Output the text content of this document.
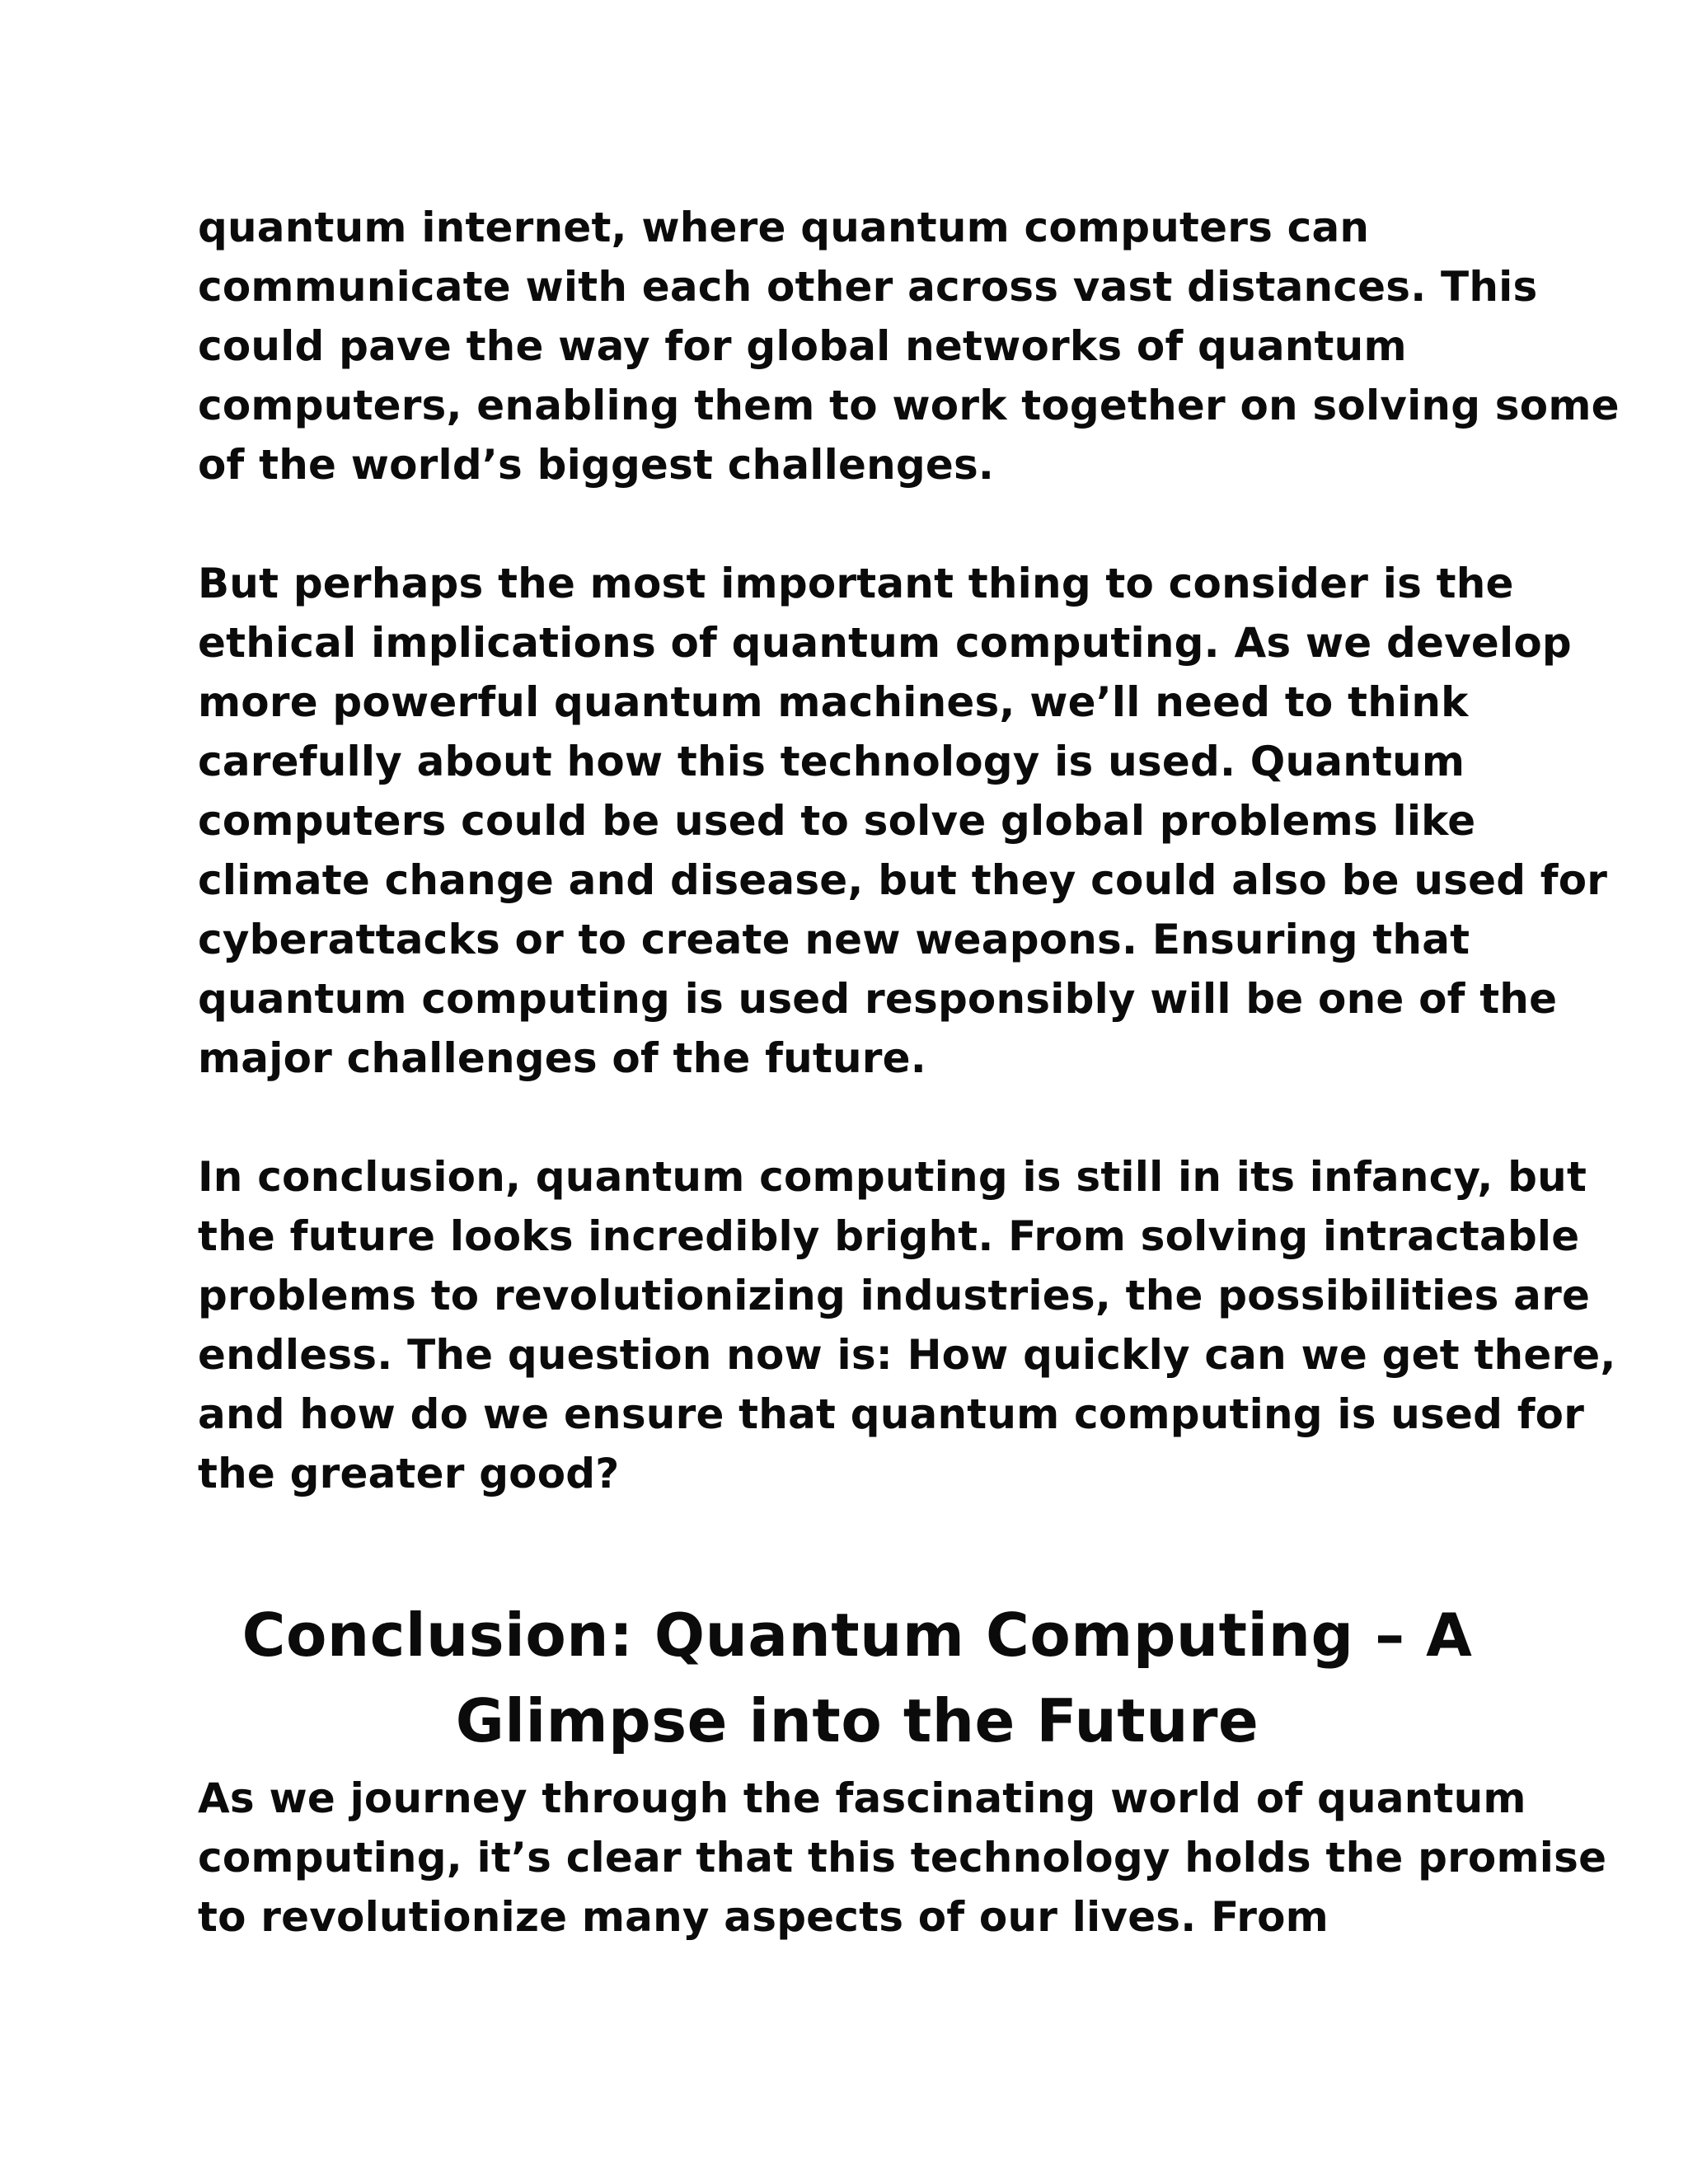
quantum internet, where quantum computers can
communicate with each other across vast distances. This
could pave the way for global networks of quantum
computers, enabling them to work together on solving some
of the world’s biggest challenges.

But perhaps the most important thing to consider is the
ethical implications of quantum computing. As we develop
more powerful quantum machines, we’ll need to think
carefully about how this technology is used. Quantum
computers could be used to solve global problems like
climate change and disease, but they could also be used for
cyberattacks or to create new weapons. Ensuring that
quantum computing is used responsibly will be one of the
major challenges of the future.

In conclusion, quantum computing is still in its infancy, but
the future looks incredibly bright. From solving intractable
problems to revolutionizing industries, the possibilities are
endless. The question now is: How quickly can we get there,
and how do we ensure that quantum computing is used for
the greater good?

Conclusion: Quantum Computing – A
Glimpse into the Future

As we journey through the fascinating world of quantum
computing, it’s clear that this technology holds the promise
to revolutionize many aspects of our lives. From
